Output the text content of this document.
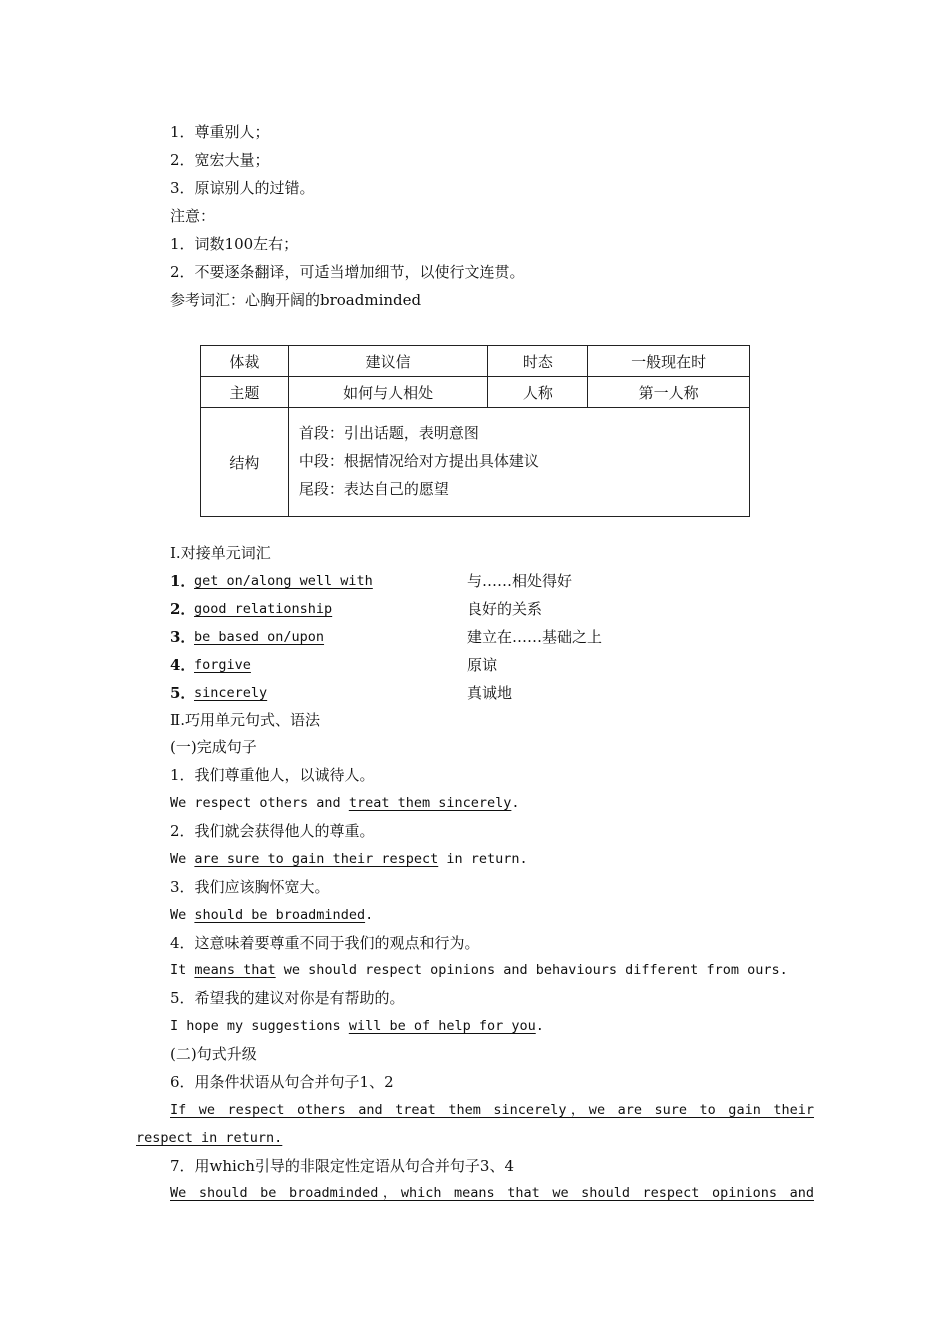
1．尊重别人；
2．宽宏大量；
3．原谅别人的过错。
注意：
1．词数100左右；
2．不要逐条翻译，可适当增加细节，以使行文连贯。
参考词汇：心胸开阔的broadminded
体裁	建议信	时态	一般现在时
主题	如何与人相处	人称	第一人称
结构	首段：引出话题，表明意图
中段：根据情况给对方提出具体建议
尾段：表达自己的愿望		
Ⅰ.对接单元词汇
1．
get on/along well with	与……相处得好
2．
good relationship	良好的关系
3．
be based on/upon	建立在……基础之上
4．
forgive	原谅
5．
sincerely	真诚地
Ⅱ.巧用单元句式、语法
(一)完成句子
1．我们尊重他人，以诚待人。
We respect others and treat them sincerely.
2．我们就会获得他人的尊重。
We are sure to gain their respect in return.
3．我们应该胸怀宽大。
We should be broadminded.
4．这意味着要尊重不同于我们的观点和行为。
It means that we should respect opinions and behaviours different from ours.
5．希望我的建议对你是有帮助的。
I hope my suggestions will be of help for you.
(二)句式升级
6．用条件状语从句合并句子1、2
If we respect others and treat them sincerely，we are sure to gain their
respect in return.
7．用which引导的非限定性定语从句合并句子3、4
We should be broadminded，which means that we should respect opinions and
